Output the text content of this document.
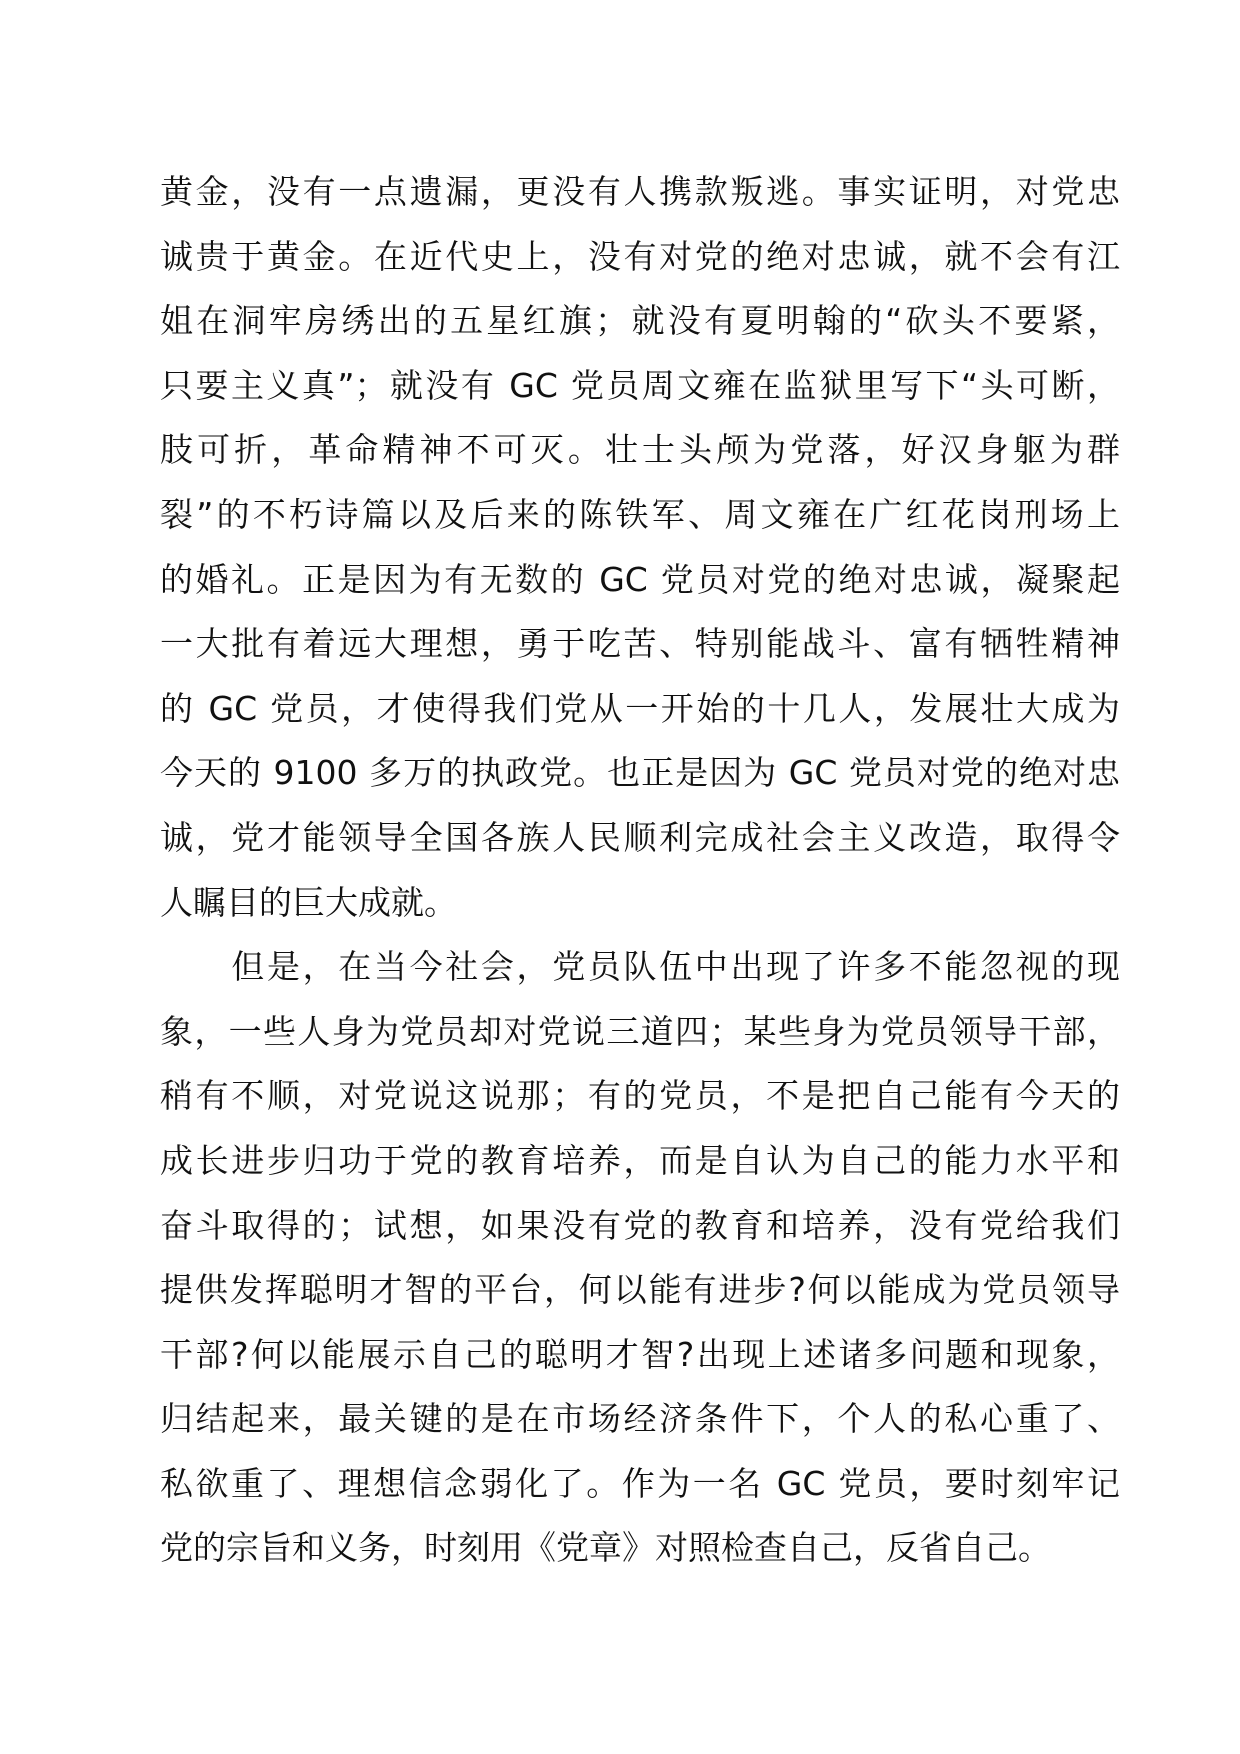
黄金，没有一点遗漏，更没有人携款叛逃。事实证明，对党忠
诚贵于黄金。在近代史上，没有对党的绝对忠诚，就不会有江
姐在洞牢房绣出的五星红旗；就没有夏明翰的“砍头不要紧，
只要主义真”；就没有 GC 党员周文雍在监狱里写下“头可断，
肢可折，革命精神不可灭。壮士头颅为党落，好汉身躯为群
裂”的不朽诗篇以及后来的陈铁军、周文雍在广红花岗刑场上
的婚礼。正是因为有无数的 GC 党员对党的绝对忠诚，凝聚起
一大批有着远大理想，勇于吃苦、特别能战斗、富有牺牲精神
的 GC 党员，才使得我们党从一开始的十几人，发展壮大成为
今天的 9100 多万的执政党。也正是因为 GC 党员对党的绝对忠
诚，党才能领导全国各族人民顺利完成社会主义改造，取得令
人瞩目的巨大成就。
　　但是，在当今社会，党员队伍中出现了许多不能忽视的现
象，一些人身为党员却对党说三道四；某些身为党员领导干部，
稍有不顺，对党说这说那；有的党员，不是把自己能有今天的
成长进步归功于党的教育培养，而是自认为自己的能力水平和
奋斗取得的；试想，如果没有党的教育和培养，没有党给我们
提供发挥聪明才智的平台，何以能有进步?何以能成为党员领导
干部?何以能展示自己的聪明才智?出现上述诸多问题和现象，
归结起来，最关键的是在市场经济条件下，个人的私心重了、
私欲重了、理想信念弱化了。作为一名 GC 党员，要时刻牢记
党的宗旨和义务，时刻用《党章》对照检查自己，反省自己。
